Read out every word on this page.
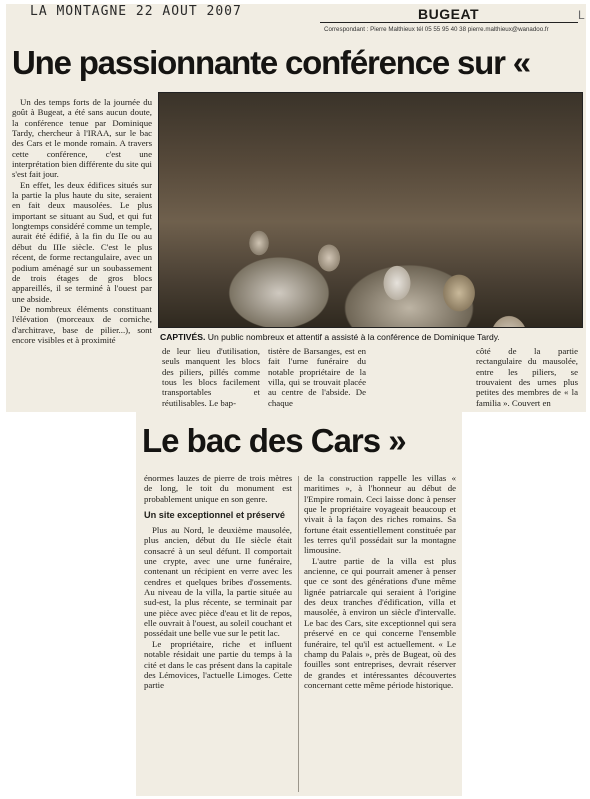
LA MONTAGNE 22 AOUT 2007	BUGEAT
Correspondant : Pierre Malthieux tél 05 55 95 40 38 pierre.malthieux@wanadoo.fr
L
Une passionnante conférence sur «

Un des temps forts de la journée du goût à Bugeat, a été sans aucun doute, la conférence tenue par Dominique Tardy, chercheur à l'IRAA, sur le bac des Cars et le monde romain. A travers cette conférence, c'est une interprétation bien différente du site qui s'est fait jour.

En effet, les deux édifices situés sur la partie la plus haute du site, seraient en fait deux mausolées. Le plus important se situant au Sud, et qui fut longtemps considéré comme un temple, aurait été édifié, à la fin du IIe ou au début du IIIe siècle. C'est le plus récent, de forme rectangulaire, avec un podium aménagé sur un soubassement de trois étages de gros blocs appareillés, il se terminé à l'ouest par une abside.

De nombreux éléments constituant l'élévation (morceaux de corniche, d'architrave, base de pilier...), sont encore visibles et à proximité	CAPTIVÉS. Un public nombreux et attentif a assisté à la conférence de Dominique Tardy.

de leur lieu d'utilisation, seuls manquent les blocs des piliers, pillés comme tous les blocs facilement transportables et réutilisables. Le bap-

tistère de Barsanges, est en fait l'urne funéraire du notable propriétaire de la villa, qui se trouvait placée au centre de l'abside. De chaque

côté de la partie rectangulaire du mausolée, entre les piliers, se trouvaient des urnes plus petites des membres de « la familia ». Couvert en

Le bac des Cars »

énormes lauzes de pierre de trois mètres de long, le toit du monument est probablement unique en son genre.

Un site exceptionnel et préservé

Plus au Nord, le deuxième mausolée, plus ancien, début du IIe siècle était consacré à un seul défunt. Il comportait une crypte, avec une urne funéraire, contenant un récipient en verre avec les cendres et quelques bribes d'ossements. Au niveau de la villa, la partie située au sud-est, la plus récente, se terminait par une pièce avec pièce d'eau et lit de repos, elle ouvrait à l'ouest, au soleil couchant et possédait une belle vue sur le petit lac.

Le propriétaire, riche et influent notable résidait une partie du temps à la cité et dans le cas présent dans la capitale des Lémovices, l'actuelle Limoges. Cette partie

de la construction rappelle les villas « maritimes », à l'honneur au début de l'Empire romain. Ceci laisse donc à penser que le propriétaire voyageait beaucoup et vivait à la façon des riches romains. Sa fortune était essentiellement constituée par les terres qu'il possédait sur la montagne limousine.

L'autre partie de la villa est plus ancienne, ce qui pourrait amener à penser que ce sont des générations d'une même lignée patriarcale qui seraient à l'origine des deux tranches d'édification, villa et mausolée, à environ un siècle d'intervalle. Le bac des Cars, site exceptionnel qui sera préservé en ce qui concerne l'ensemble funéraire, tel qu'il est actuellement. « Le champ du Palais », près de Bugeat, où des fouilles sont entreprises, devrait réserver de grandes et intéressantes découvertes concernant cette même période historique.
